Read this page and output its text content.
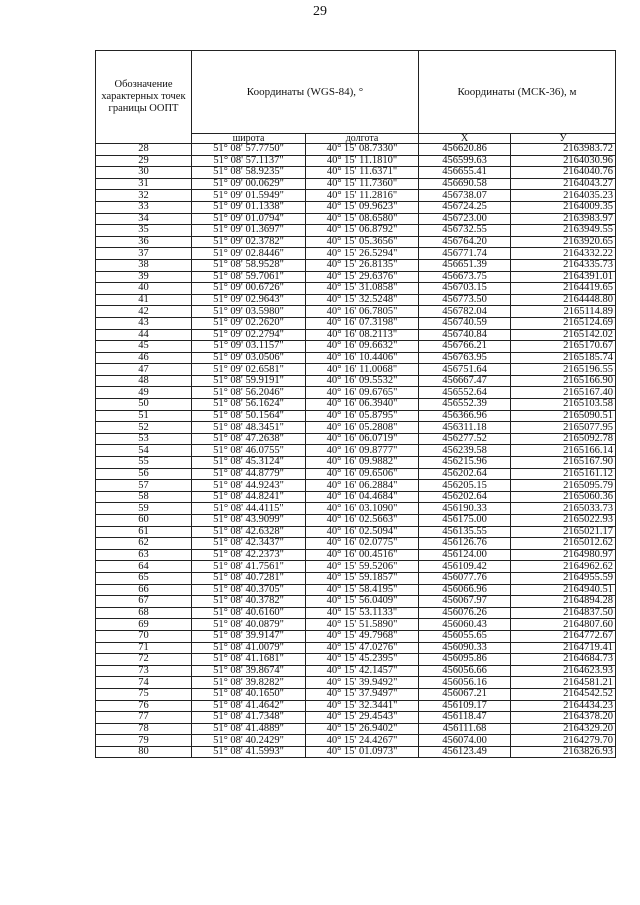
29
Обозначение характерных точек границы ООПТ	Координаты (WGS-84), °		Координаты (МСК-36), м	
	широта	долгота	X	У
28	51° 08' 57.7750"	40° 15' 08.7330"	456620.86	2163983.72
29	51° 08' 57.1137"	40° 15' 11.1810"	456599.63	2164030.96
30	51° 08' 58.9235"	40° 15' 11.6371"	456655.41	2164040.76
31	51° 09' 00.0629"	40° 15' 11.7360"	456690.58	2164043.27
32	51° 09' 01.5949"	40° 15' 11.2816"	456738.07	2164035.23
33	51° 09' 01.1338"	40° 15' 09.9623"	456724.25	2164009.35
34	51° 09' 01.0794"	40° 15' 08.6580"	456723.00	2163983.97
35	51° 09' 01.3697"	40° 15' 06.8792"	456732.55	2163949.55
36	51° 09' 02.3782"	40° 15' 05.3656"	456764.20	2163920.65
37	51° 09' 02.8446"	40° 15' 26.5294"	456771.74	2164332.22
38	51° 08' 58.9528"	40° 15' 26.8135"	456651.39	2164335.73
39	51° 08' 59.7061"	40° 15' 29.6376"	456673.75	2164391.01
40	51° 09' 00.6726"	40° 15' 31.0858"	456703.15	2164419.65
41	51° 09' 02.9643"	40° 15' 32.5248"	456773.50	2164448.80
42	51° 09' 03.5980"	40° 16' 06.7805"	456782.04	2165114.89
43	51° 09' 02.2620"	40° 16' 07.3198"	456740.59	2165124.69
44	51° 09' 02.2794"	40° 16' 08.2113"	456740.84	2165142.02
45	51° 09' 03.1157"	40° 16' 09.6632"	456766.21	2165170.67
46	51° 09' 03.0506"	40° 16' 10.4406"	456763.95	2165185.74
47	51° 09' 02.6581"	40° 16' 11.0068"	456751.64	2165196.55
48	51° 08' 59.9191"	40° 16' 09.5532"	456667.47	2165166.90
49	51° 08' 56.2046"	40° 16' 09.6765"	456552.64	2165167.40
50	51° 08' 56.1624"	40° 16' 06.3940"	456552.39	2165103.58
51	51° 08' 50.1564"	40° 16' 05.8795"	456366.96	2165090.51
52	51° 08' 48.3451"	40° 16' 05.2808"	456311.18	2165077.95
53	51° 08' 47.2638"	40° 16' 06.0719"	456277.52	2165092.78
54	51° 08' 46.0755"	40° 16' 09.8777"	456239.58	2165166.14
55	51° 08' 45.3124"	40° 16' 09.9882"	456215.96	2165167.90
56	51° 08' 44.8779"	40° 16' 09.6506"	456202.64	2165161.12
57	51° 08' 44.9243"	40° 16' 06.2884"	456205.15	2165095.79
58	51° 08' 44.8241"	40° 16' 04.4684"	456202.64	2165060.36
59	51° 08' 44.4115"	40° 16' 03.1090"	456190.33	2165033.73
60	51° 08' 43.9099"	40° 16' 02.5663"	456175.00	2165022.93
61	51° 08' 42.6328"	40° 16' 02.5094"	456135.55	2165021.17
62	51° 08' 42.3437"	40° 16' 02.0775"	456126.76	2165012.62
63	51° 08' 42.2373"	40° 16' 00.4516"	456124.00	2164980.97
64	51° 08' 41.7561"	40° 15' 59.5206"	456109.42	2164962.62
65	51° 08' 40.7281"	40° 15' 59.1857"	456077.76	2164955.59
66	51° 08' 40.3705"	40° 15' 58.4195"	456066.96	2164940.51
67	51° 08' 40.3782"	40° 15' 56.0409"	456067.97	2164894.28
68	51° 08' 40.6160"	40° 15' 53.1133"	456076.26	2164837.50
69	51° 08' 40.0879"	40° 15' 51.5890"	456060.43	2164807.60
70	51° 08' 39.9147"	40° 15' 49.7968"	456055.65	2164772.67
71	51° 08' 41.0079"	40° 15' 47.0276"	456090.33	2164719.41
72	51° 08' 41.1681"	40° 15' 45.2395"	456095.86	2164684.73
73	51° 08' 39.8674"	40° 15' 42.1457"	456056.66	2164623.93
74	51° 08' 39.8282"	40° 15' 39.9492"	456056.16	2164581.21
75	51° 08' 40.1650"	40° 15' 37.9497"	456067.21	2164542.52
76	51° 08' 41.4642"	40° 15' 32.3441"	456109.17	2164434.23
77	51° 08' 41.7348"	40° 15' 29.4543"	456118.47	2164378.20
78	51° 08' 41.4889"	40° 15' 26.9402"	456111.68	2164329.20
79	51° 08' 40.2429"	40° 15' 24.4267"	456074.00	2164279.70
80	51° 08' 41.5993"	40° 15' 01.0973"	456123.49	2163826.93
